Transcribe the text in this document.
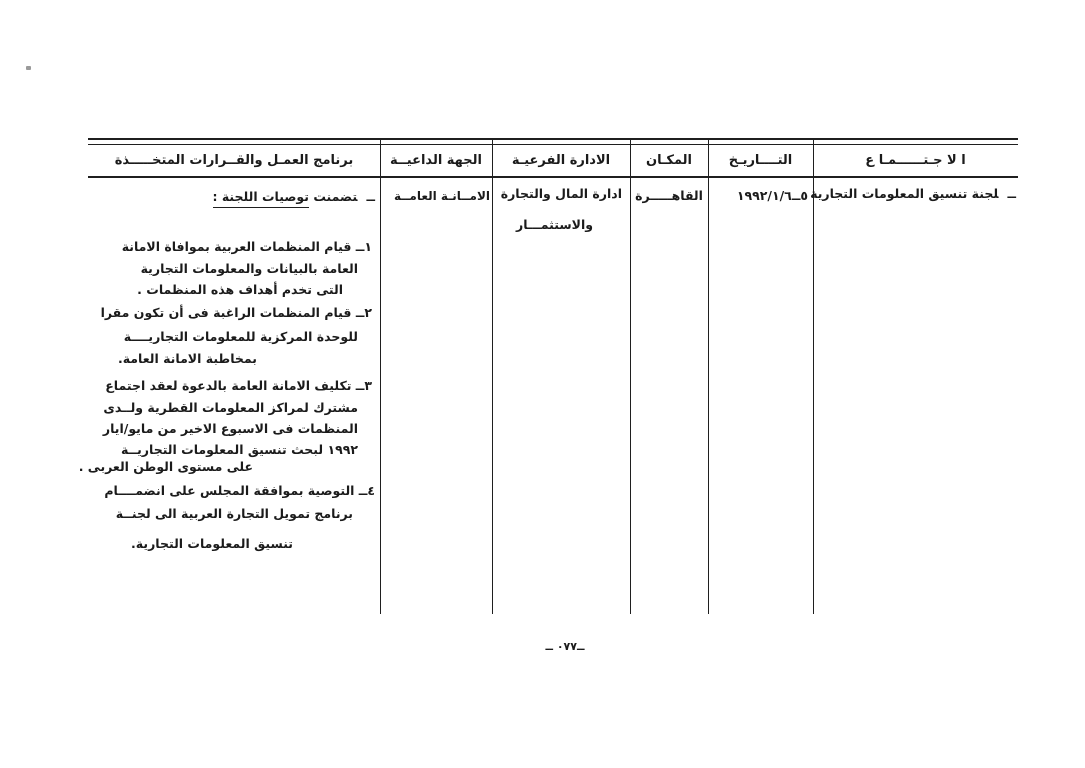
ا لا جـتــــــمـا ع
التــــاريـخ
المكـان
الادارة الفرعيـة
الجهة الداعيــة
برنامج العمـل والقــرارات المتخـــــذة
ــلجنة تنسيق المعلومات التجارية
١٩٩٢/١/٦ــ٥
القاهـــــرة
ادارة المال والتجارة
والاستثمـــار
الامــانـة العامــة
ــتضمنت توصيات اللجنة :
١ــ قيام المنظمات العربية بموافاة الامانة
العامة بالبيانات والمعلومات التجارية
التى تخدم أهداف هذه المنظمات .
٢ــ قيام المنظمات الراغبة فى أن تكون مقرا
للوحدة المركزية للمعلومات التجاريــــة
بمخاطبة الامانة العامة.
٣ــ تكليف الامانة العامة بالدعوة لعقد اجتماع
مشترك لمراكز المعلومات القطرية ولــدى
المنظمات فى الاسبوع الاخير من مايو/ايار
١٩٩٢ لبحث تنسيق المعلومات التجاريــة
على مستوى الوطن العربى .
٤ــ التوصية بموافقة المجلس على انضمــــام
برنامج تمويل التجارة العربية الى لجنــة
تنسيق المعلومات التجارية.
ــ٠٧٧ ــ
